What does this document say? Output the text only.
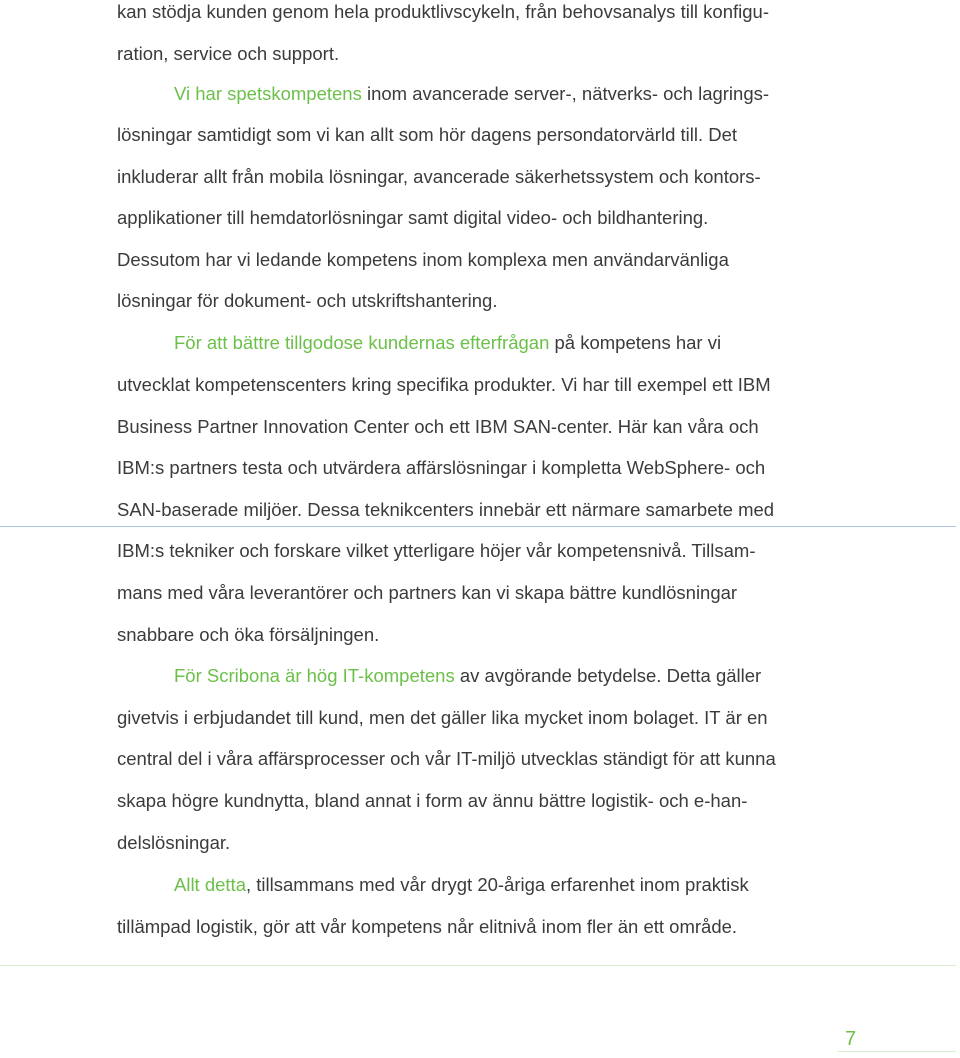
kan stödja kunden genom hela produktlivscykeln, från behovsanalys till konfigu-
ration, service och support.
Vi har spetskompetens inom avancerade server-, nätverks- och lagrings-
lösningar samtidigt som vi kan allt som hör dagens persondatorvärld till. Det
inkluderar allt från mobila lösningar, avancerade säkerhetssystem och kontors-
applikationer till hemdatorlösningar samt digital video- och bildhantering.
Dessutom har vi ledande kompetens inom komplexa men användarvänliga
lösningar för dokument- och utskriftshantering.
För att bättre tillgodose kundernas efterfrågan på kompetens har vi
utvecklat kompetenscenters kring specifika produkter. Vi har till exempel ett IBM
Business Partner Innovation Center och ett IBM SAN-center. Här kan våra och
IBM:s partners testa och utvärdera affärslösningar i kompletta WebSphere- och
SAN-baserade miljöer. Dessa teknikcenters innebär ett närmare samarbete med
IBM:s tekniker och forskare vilket ytterligare höjer vår kompetensnivå. Tillsam-
mans med våra leverantörer och partners kan vi skapa bättre kundlösningar
snabbare och öka försäljningen.
För Scribona är hög IT-kompetens av avgörande betydelse. Detta gäller
givetvis i erbjudandet till kund, men det gäller lika mycket inom bolaget. IT är en
central del i våra affärsprocesser och vår IT-miljö utvecklas ständigt för att kunna
skapa högre kundnytta, bland annat i form av ännu bättre logistik- och e-han-
delslösningar.
Allt detta, tillsammans med vår drygt 20-åriga erfarenhet inom praktisk
tillämpad logistik, gör att vår kompetens når elitnivå inom fler än ett område.
7
